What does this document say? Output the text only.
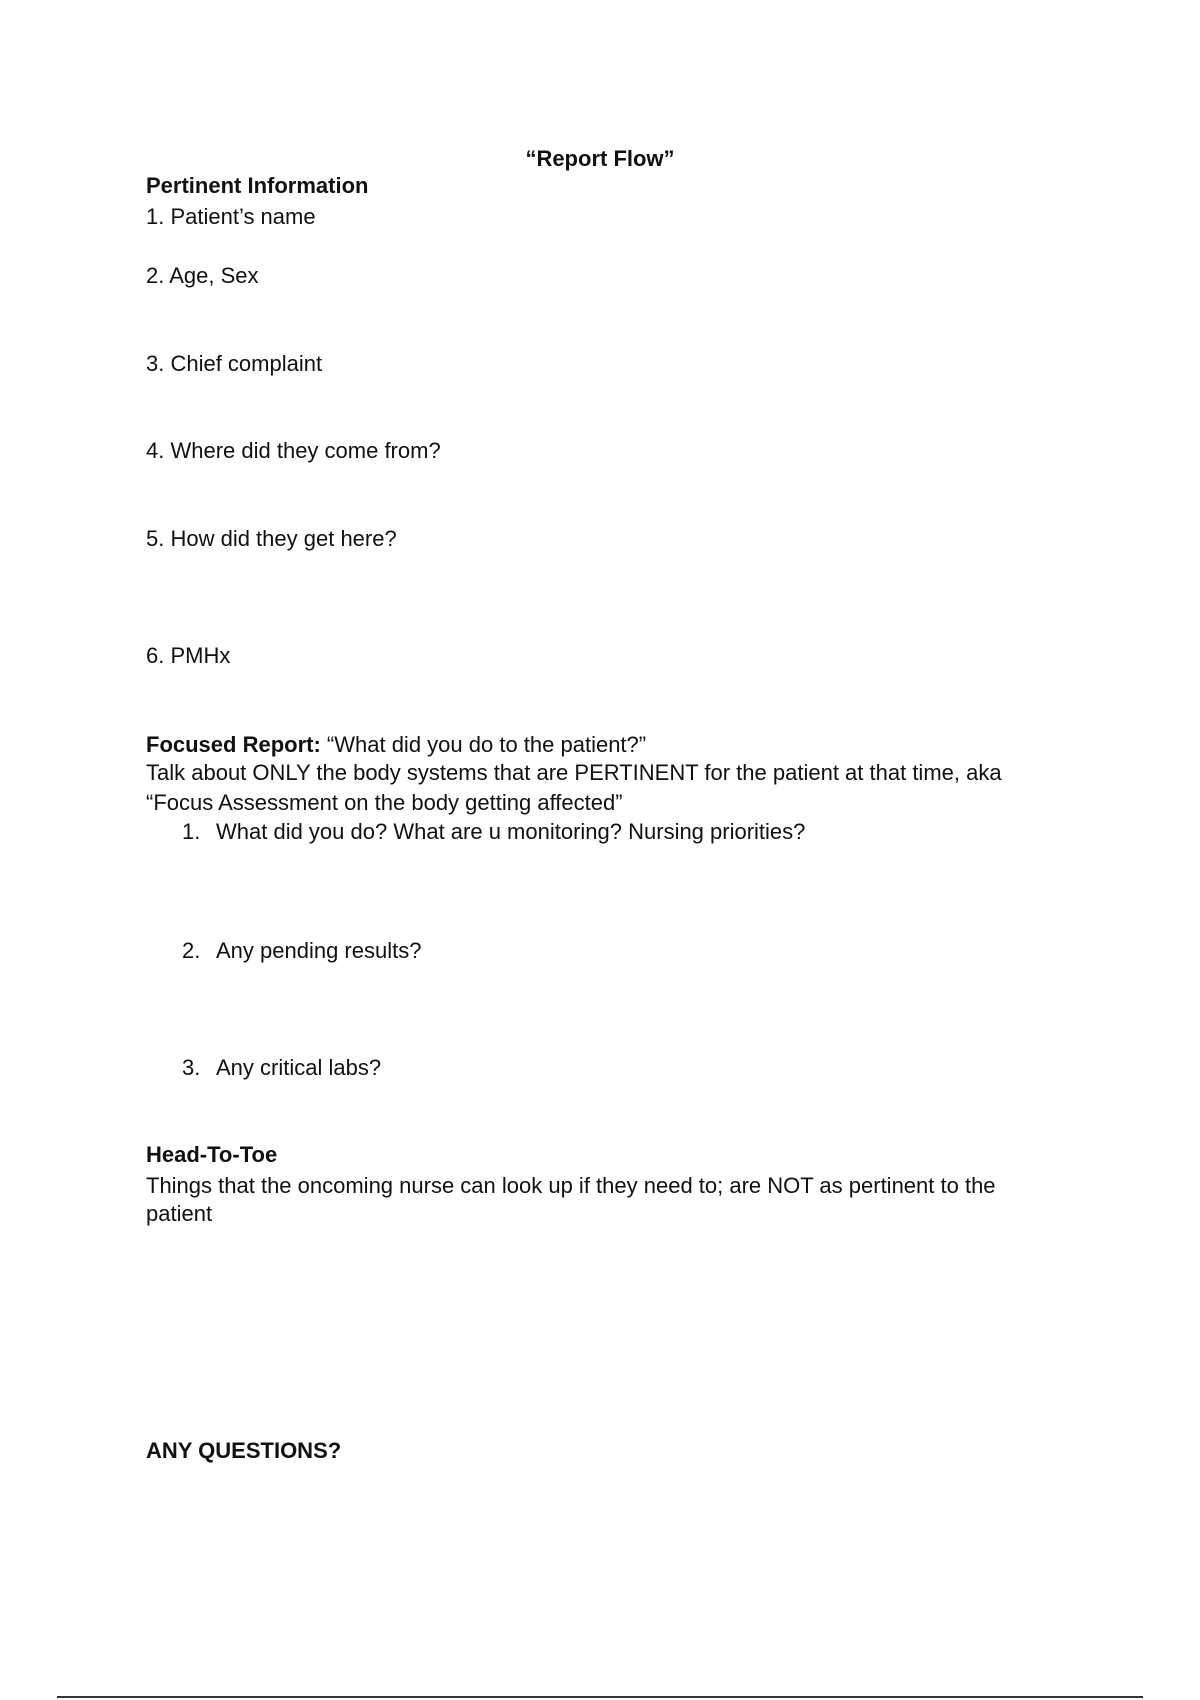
“Report Flow”
Pertinent Information
1. Patient’s name
2. Age, Sex
3. Chief complaint
4. Where did they come from?
5. How did they get here?
6. PMHx
Focused Report: “What did you do to the patient?”
Talk about ONLY the body systems that are PERTINENT for the patient at that time, aka
“Focus Assessment on the body getting affected”
1. What did you do? What are u monitoring? Nursing priorities?
2. Any pending results?
3. Any critical labs?
Head-To-Toe
Things that the oncoming nurse can look up if they need to; are NOT as pertinent to the
patient
ANY QUESTIONS?
